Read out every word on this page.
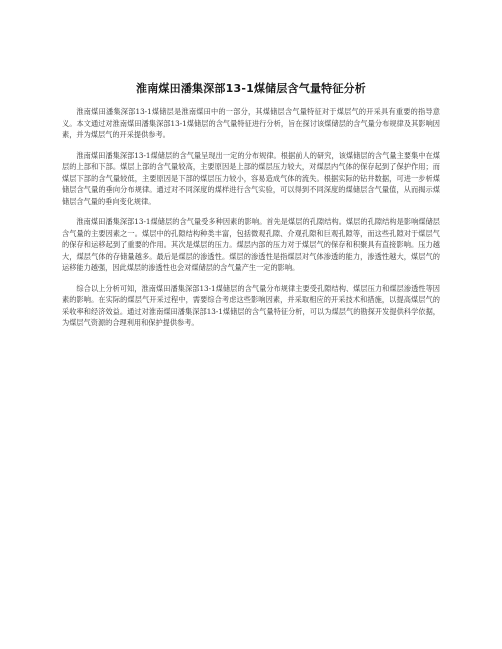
淮南煤田潘集深部13-1煤储层含气量特征分析

淮南煤田潘集深部13-1煤储层是淮南煤田中的一部分，其煤储层含气量特征对于煤层气的开采具有重要的指导意义。本文通过对淮南煤田潘集深部13-1煤储层的含气量特征进行分析，旨在探讨该煤储层的含气量分布规律及其影响因素，并为煤层气的开采提供参考。

淮南煤田潘集深部13-1煤储层的含气量呈现出一定的分布规律。根据前人的研究，该煤储层的含气量主要集中在煤层的上部和下部。煤层上部的含气量较高，主要原因是上部的煤层压力较大，对煤层内气体的保存起到了保护作用；而煤层下部的含气量较低，主要原因是下部的煤层压力较小，容易造成气体的流失。根据实际的钻井数据，可进一步析煤储层含气量的垂向分布规律。通过对不同深度的煤样进行含气实验，可以得到不同深度的煤储层含气量值，从而揭示煤储层含气量的垂向变化规律。

淮南煤田潘集深部13-1煤储层的含气量受多种因素的影响。首先是煤层的孔隙结构。煤层的孔隙结构是影响煤储层含气量的主要因素之一。煤层中的孔隙结构种类丰富，包括微观孔隙、介观孔隙和巨观孔隙等，而这些孔隙对于煤层气的保存和运移起到了重要的作用。其次是煤层的压力。煤层内部的压力对于煤层气的保存和积聚具有直接影响。压力越大，煤层气体的存储量越多。最后是煤层的渗透性。煤层的渗透性是指煤层对气体渗透的能力，渗透性越大，煤层气的运移能力越强，因此煤层的渗透性也会对煤储层的含气量产生一定的影响。

综合以上分析可知，淮南煤田潘集深部13-1煤储层的含气量分布规律主要受孔隙结构、煤层压力和煤层渗透性等因素的影响。在实际的煤层气开采过程中，需要综合考虑这些影响因素，并采取相应的开采技术和措施，以提高煤层气的采收率和经济效益。通过对淮南煤田潘集深部13-1煤储层的含气量特征分析，可以为煤层气的勘探开发提供科学依据，为煤层气资源的合理利用和保护提供参考。
